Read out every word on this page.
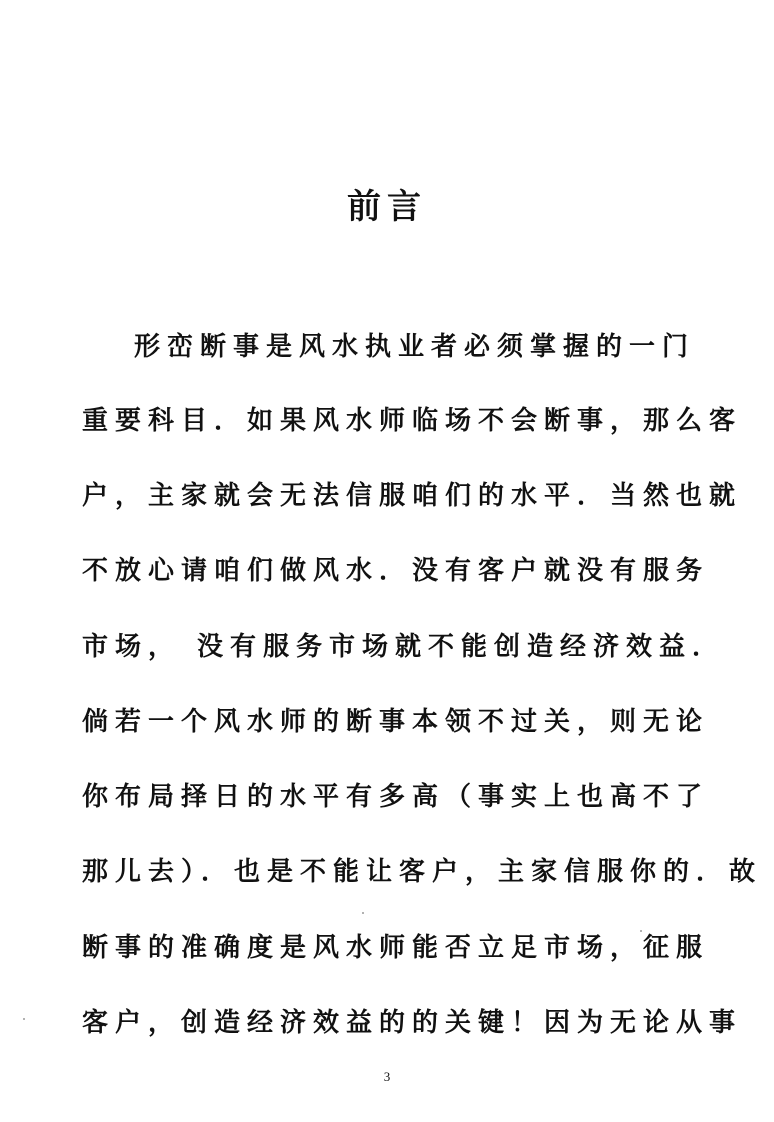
前言
形峦断事是风水执业者必须掌握的一门
重要科目．如果风水师临场不会断事，那么客
户，主家就会无法信服咱们的水平．当然也就
不放心请咱们做风水．没有客户就没有服务
市场， 没有服务市场就不能创造经济效益．
倘若一个风水师的断事本领不过关，则无论
你布局择日的水平有多高（事实上也高不了
那儿去）．也是不能让客户，主家信服你的．故
断事的准确度是风水师能否立足市场，征服
客户，创造经济效益的的关键！因为无论从事
3
